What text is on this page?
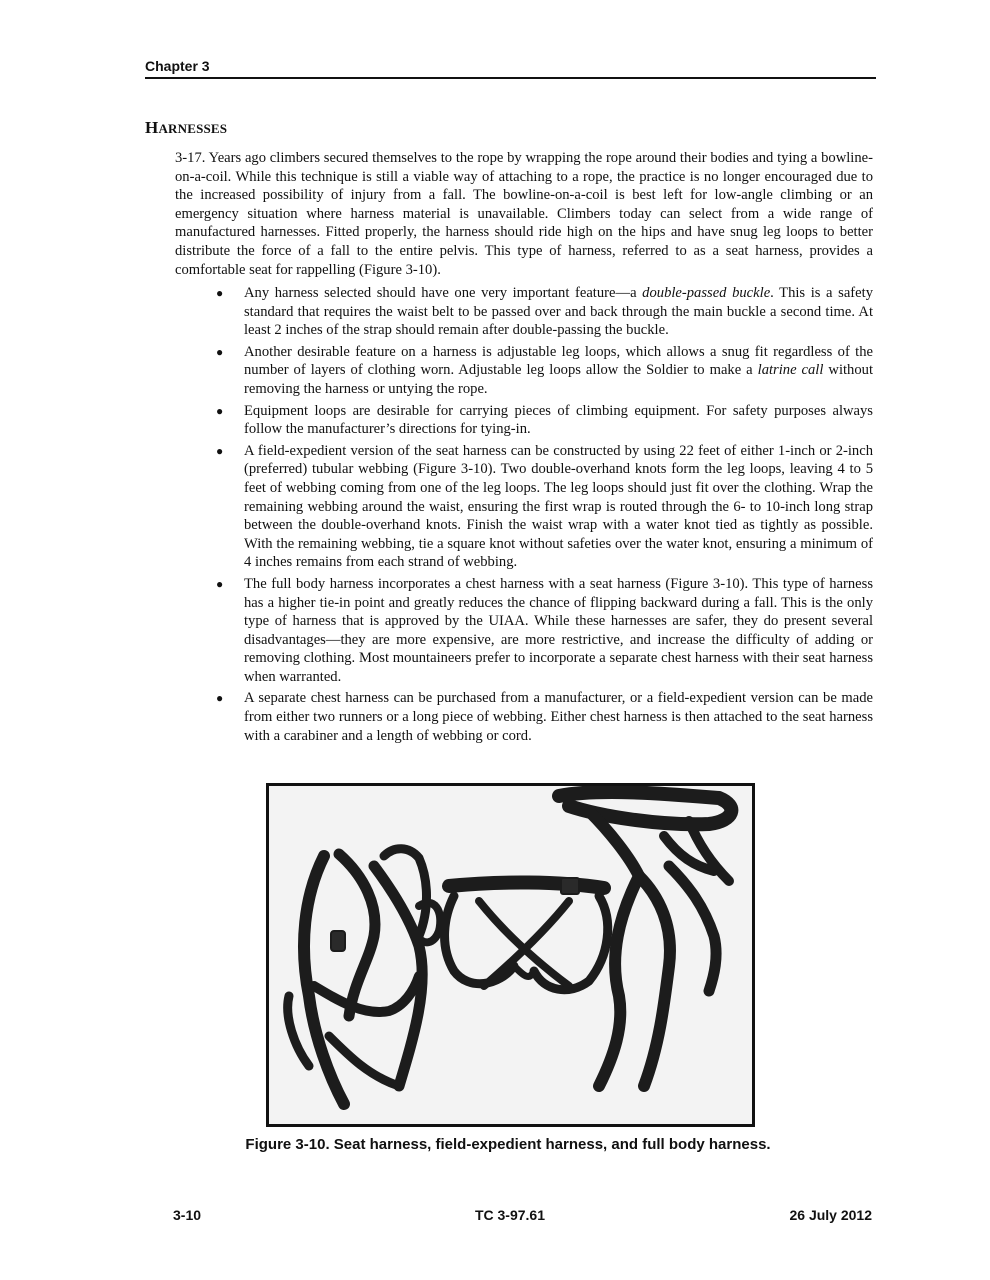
Chapter 3
HARNESSES
3-17. Years ago climbers secured themselves to the rope by wrapping the rope around their bodies and tying a bowline-on-a-coil. While this technique is still a viable way of attaching to a rope, the practice is no longer encouraged due to the increased possibility of injury from a fall. The bowline-on-a-coil is best left for low-angle climbing or an emergency situation where harness material is unavailable. Climbers today can select from a wide range of manufactured harnesses. Fitted properly, the harness should ride high on the hips and have snug leg loops to better distribute the force of a fall to the entire pelvis. This type of harness, referred to as a seat harness, provides a comfortable seat for rappelling (Figure 3-10).
● Any harness selected should have one very important feature—a double-passed buckle. This is a safety standard that requires the waist belt to be passed over and back through the main buckle a second time. At least 2 inches of the strap should remain after double-passing the buckle.
● Another desirable feature on a harness is adjustable leg loops, which allows a snug fit regardless of the number of layers of clothing worn. Adjustable leg loops allow the Soldier to make a latrine call without removing the harness or untying the rope.
● Equipment loops are desirable for carrying pieces of climbing equipment. For safety purposes always follow the manufacturer’s directions for tying-in.
● A field-expedient version of the seat harness can be constructed by using 22 feet of either 1-inch or 2-inch (preferred) tubular webbing (Figure 3-10). Two double-overhand knots form the leg loops, leaving 4 to 5 feet of webbing coming from one of the leg loops. The leg loops should just fit over the clothing. Wrap the remaining webbing around the waist, ensuring the first wrap is routed through the 6- to 10-inch long strap between the double-overhand knots. Finish the waist wrap with a water knot tied as tightly as possible. With the remaining webbing, tie a square knot without safeties over the water knot, ensuring a minimum of 4 inches remains from each strand of webbing.
● The full body harness incorporates a chest harness with a seat harness (Figure 3-10). This type of harness has a higher tie-in point and greatly reduces the chance of flipping backward during a fall. This is the only type of harness that is approved by the UIAA. While these harnesses are safer, they do present several disadvantages—they are more expensive, are more restrictive, and increase the difficulty of adding or removing clothing. Most mountaineers prefer to incorporate a separate chest harness with their seat harness when warranted.
● A separate chest harness can be purchased from a manufacturer, or a field-expedient version can be made from either two runners or a long piece of webbing. Either chest harness is then attached to the seat harness with a carabiner and a length of webbing or cord.
Figure 3-10. Seat harness, field-expedient harness, and full body harness.
3-10	TC 3-97.61	26 July 2012
